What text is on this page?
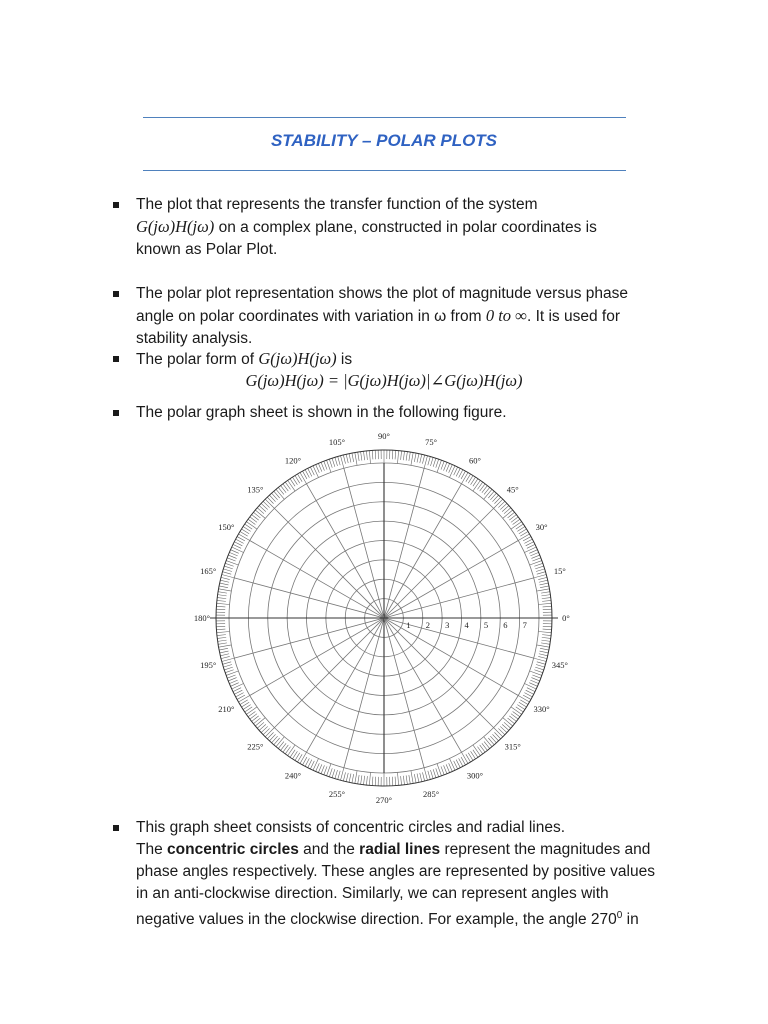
STABILITY – POLAR PLOTS
The plot that represents the transfer function of the system
G(jω)H(jω) on a complex plane, constructed in polar coordinates is
known as Polar Plot.
The polar plot representation shows the plot of magnitude versus phase
angle on polar coordinates with variation in ω from 0 to ∞. It is used for
stability analysis.
The polar form of G(jω)H(jω) is
G(jω)H(jω) = |G(jω)H(jω)|∠G(jω)H(jω)
The polar graph sheet is shown in the following figure.
0°
15°
30°
45°
60°
75°
90°
105°
120°
135°
150°
165°
180°
195°
210°
225°
240°
255°
270°
285°
300°
315°
330°
345°
1 2 3 4 5 6 7
This graph sheet consists of concentric circles and radial lines.
The concentric circles and the radial lines represent the magnitudes and
phase angles respectively. These angles are represented by positive values
in an anti-clockwise direction. Similarly, we can represent angles with
negative values in the clockwise direction. For example, the angle $270^0$ in
